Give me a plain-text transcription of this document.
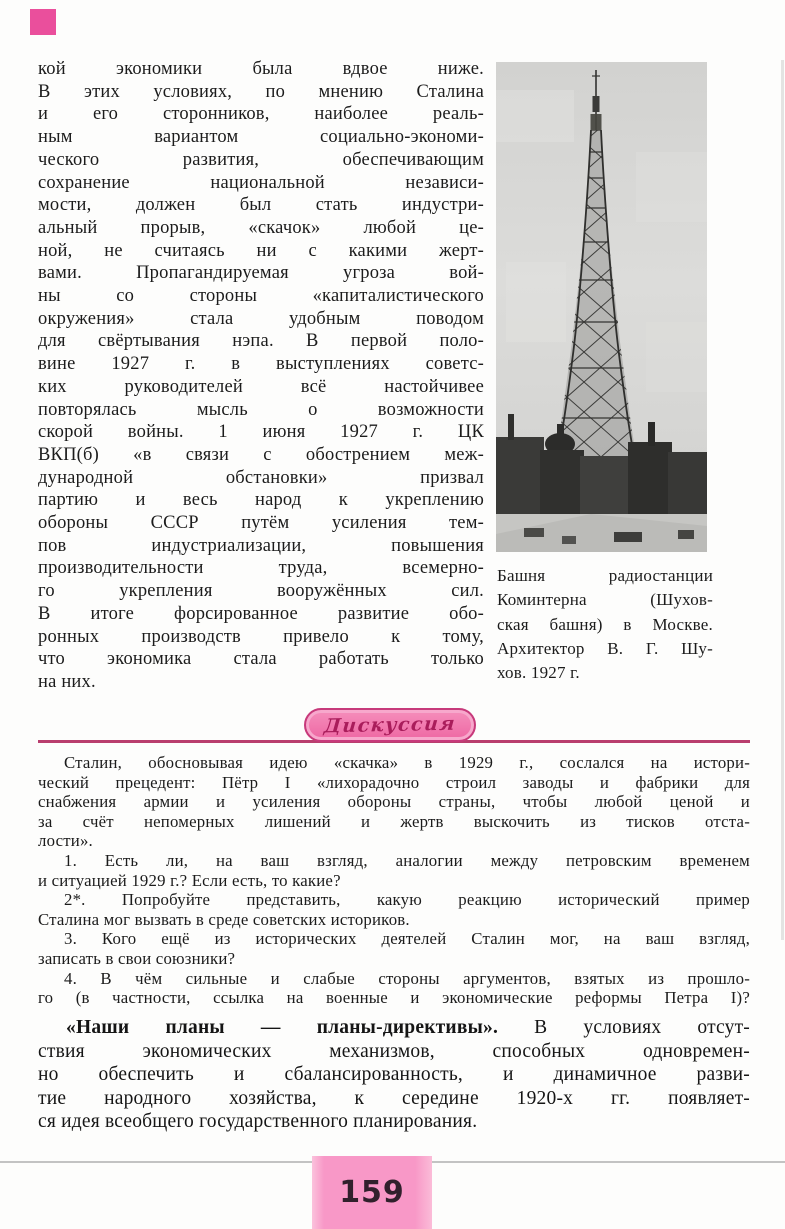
кой экономики была вдвое ниже.
В этих условиях, по мнению Сталина
и его сторонников, наиболее реаль-
ным вариантом социально-экономи-
ческого развития, обеспечивающим
сохранение национальной независи-
мости, должен был стать индустри-
альный прорыв, «скачок» любой це-
ной, не считаясь ни с какими жерт-
вами. Пропагандируемая угроза вой-
ны со стороны «капиталистического
окружения» стала удобным поводом
для свёртывания нэпа. В первой поло-
вине 1927 г. в выступлениях советс-
ких руководителей всё настойчивее
повторялась мысль о возможности
скорой войны. 1 июня 1927 г. ЦК
ВКП(б) «в связи с обострением меж-
дународной обстановки» призвал
партию и весь народ к укреплению
обороны СССР путём усиления тем-
пов индустриализации, повышения
производительности труда, всемерно-
го укрепления вооружённых сил.
В итоге форсированное развитие обо-
ронных производств привело к тому,
что экономика стала работать только
на них.
Башня радиостанции
Коминтерна (Шухов-
ская башня) в Москве.
Архитектор В. Г. Шу-
хов. 1927 г.
Дискуссия
Сталин, обосновывая идею «скачка» в 1929 г., сослался на истори-
ческий прецедент: Пётр I «лихорадочно строил заводы и фабрики для
снабжения армии и усиления обороны страны, чтобы любой ценой и
за счёт непомерных лишений и жертв выскочить из тисков отста-
лости».
1. Есть ли, на ваш взгляд, аналогии между петровским временем
и ситуацией 1929 г.? Если есть, то какие?
2*. Попробуйте представить, какую реакцию исторический пример
Сталина мог вызвать в среде советских историков.
3. Кого ещё из исторических деятелей Сталин мог, на ваш взгляд,
записать в свои союзники?
4. В чём сильные и слабые стороны аргументов, взятых из прошло-
го (в частности, ссылка на военные и экономические реформы Петра I)?
«Наши планы — планы-директивы». В условиях отсут-
ствия экономических механизмов, способных одновремен-
но обеспечить и сбалансированность, и динамичное разви-
тие народного хозяйства, к середине 1920-х гг. появляет-
ся идея всеобщего государственного планирования.
159
